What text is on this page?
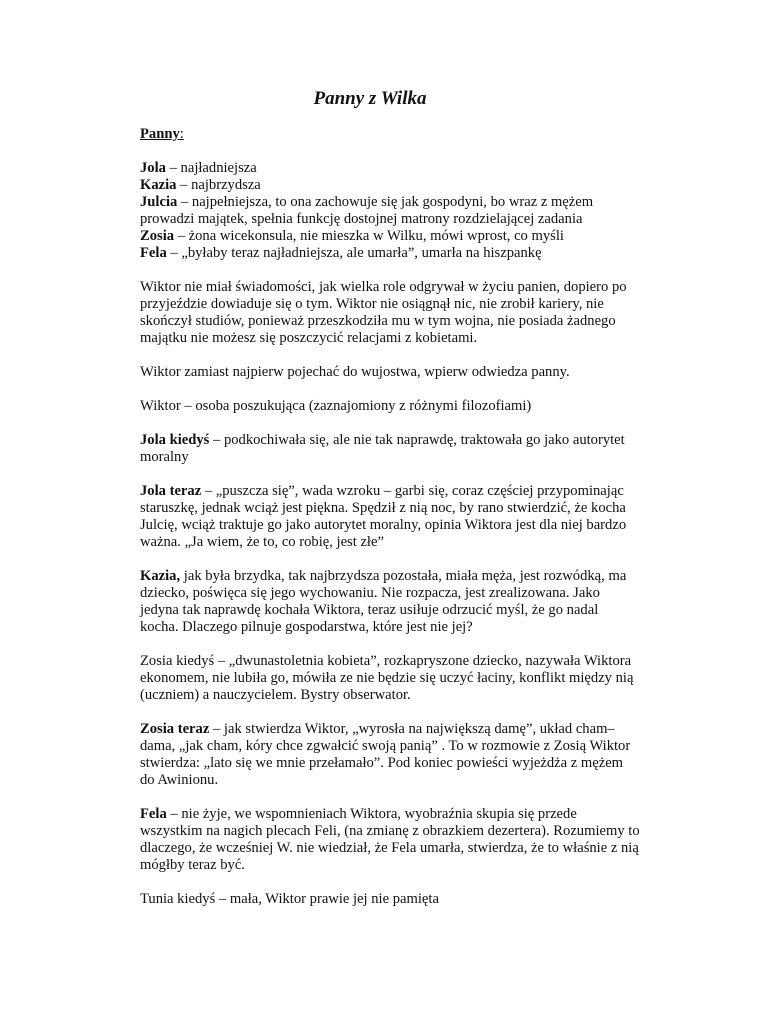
Panny z Wilka
Panny:

Jola – najładniejsza
Kazia – najbrzydsza
Julcia – najpełniejsza, to ona zachowuje się jak gospodyni, bo wraz z mężem prowadzi majątek, spełnia funkcję dostojnej matrony rozdzielającej zadania
Zosia – żona wicekonsula, nie mieszka w Wilku, mówi wprost, co myśli
Fela – „byłaby teraz najładniejsza, ale umarła”, umarła na hiszpankę

Wiktor nie miał świadomości, jak wielka role odgrywał w życiu panien, dopiero po przyjeździe dowiaduje się o tym. Wiktor nie osiągnął nic, nie zrobił kariery, nie skończył studiów, ponieważ przeszkodziła mu w tym wojna, nie posiada żadnego majątku nie możesz się poszczycić relacjami z kobietami.

Wiktor zamiast najpierw pojechać do wujostwa, wpierw odwiedza panny.

Wiktor – osoba poszukująca (zaznajomiony z różnymi filozofiami)

Jola kiedyś – podkochiwała się, ale nie tak naprawdę, traktowała go jako autorytet moralny

Jola teraz – „puszcza się”, wada wzroku – garbi się, coraz częściej przypominając staruszkę, jednak wciąż jest piękna. Spędził z nią noc, by rano stwierdzić, że kocha Julcię, wciąż traktuje go jako autorytet moralny, opinia Wiktora jest dla niej bardzo ważna. „Ja wiem, że to, co robię, jest złe”

Kazia, jak była brzydka, tak najbrzydsza pozostała, miała męża, jest rozwódką, ma dziecko, poświęca się jego wychowaniu. Nie rozpacza, jest zrealizowana. Jako jedyna tak naprawdę kochała Wiktora, teraz usiłuje odrzucić myśl, że go nadal kocha. Dlaczego pilnuje gospodarstwa, które jest nie jej?

Zosia kiedyś – „dwunastoletnia kobieta”, rozkapryszone dziecko, nazywała Wiktora ekonomem, nie lubiła go, mówiła ze nie będzie się uczyć łaciny, konflikt między nią (uczniem) a nauczycielem. Bystry obserwator.

Zosia teraz – jak stwierdza Wiktor, „wyrosła na największą damę”, układ cham–dama, „jak cham, kóry chce zgwałcić swoją panią” . To w rozmowie z Zosią Wiktor stwierdza: „lato się we mnie przełamało”. Pod koniec powieści wyjeżdża z mężem do Awinionu.

Fela – nie żyje, we wspomnieniach Wiktora, wyobraźnia skupia się przede wszystkim na nagich plecach Feli, (na zmianę z obrazkiem dezertera). Rozumiemy to dlaczego, że wcześniej W. nie wiedział, że Fela umarła, stwierdza, że to właśnie z nią mógłby teraz być.

Tunia kiedyś – mała, Wiktor prawie jej nie pamięta
